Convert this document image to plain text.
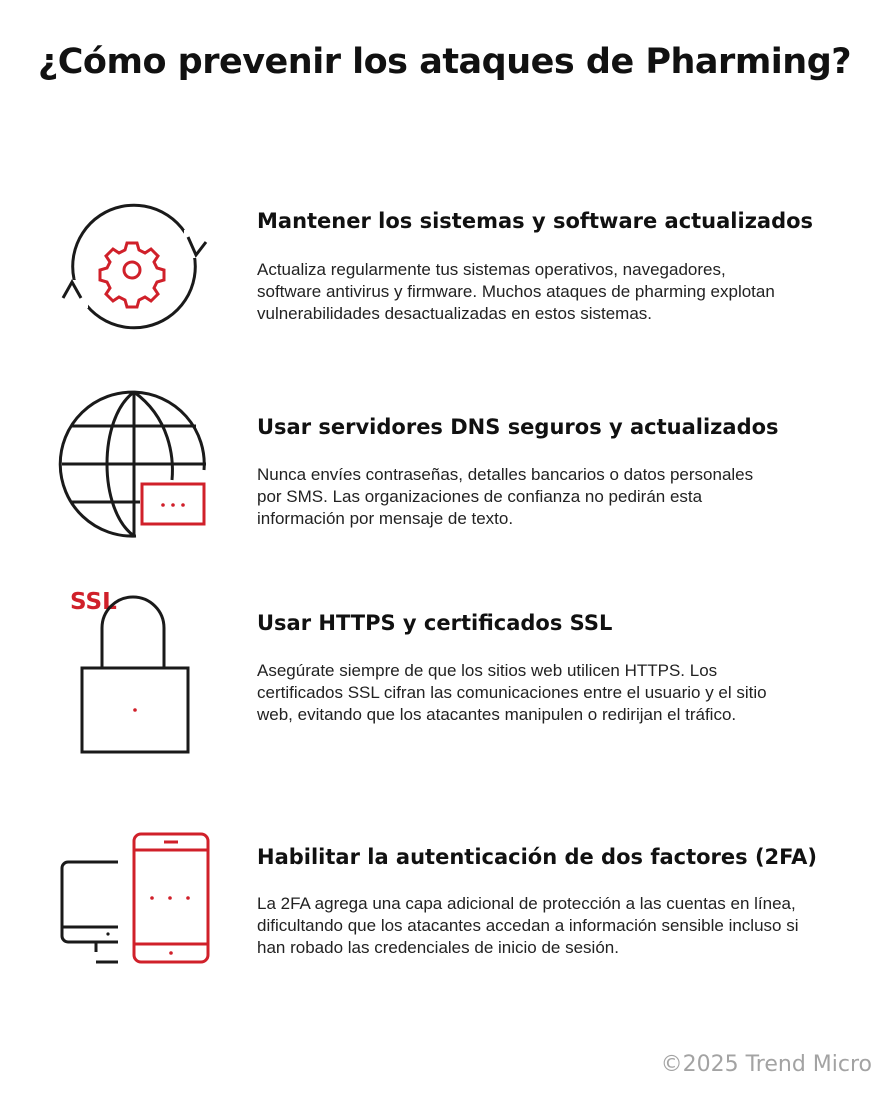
¿Cómo prevenir los ataques de Pharming?
Mantener los sistemas y software actualizados

Actualiza regularmente tus sistemas operativos, navegadores,
software antivirus y firmware. Muchos ataques de pharming explotan
vulnerabilidades desactualizadas en estos sistemas.

Usar servidores DNS seguros y actualizados

Nunca envíes contraseñas, detalles bancarios o datos personales
por SMS. Las organizaciones de confianza no pedirán esta
información por mensaje de texto.

SSL
Usar HTTPS y certificados SSL

Asegúrate siempre de que los sitios web utilicen HTTPS. Los
certificados SSL cifran las comunicaciones entre el usuario y el sitio
web, evitando que los atacantes manipulen o redirijan el tráfico.

Habilitar la autenticación de dos factores (2FA)

La 2FA agrega una capa adicional de protección a las cuentas en línea,
dificultando que los atacantes accedan a información sensible incluso si
han robado las credenciales de inicio de sesión.

©2025 Trend Micro
